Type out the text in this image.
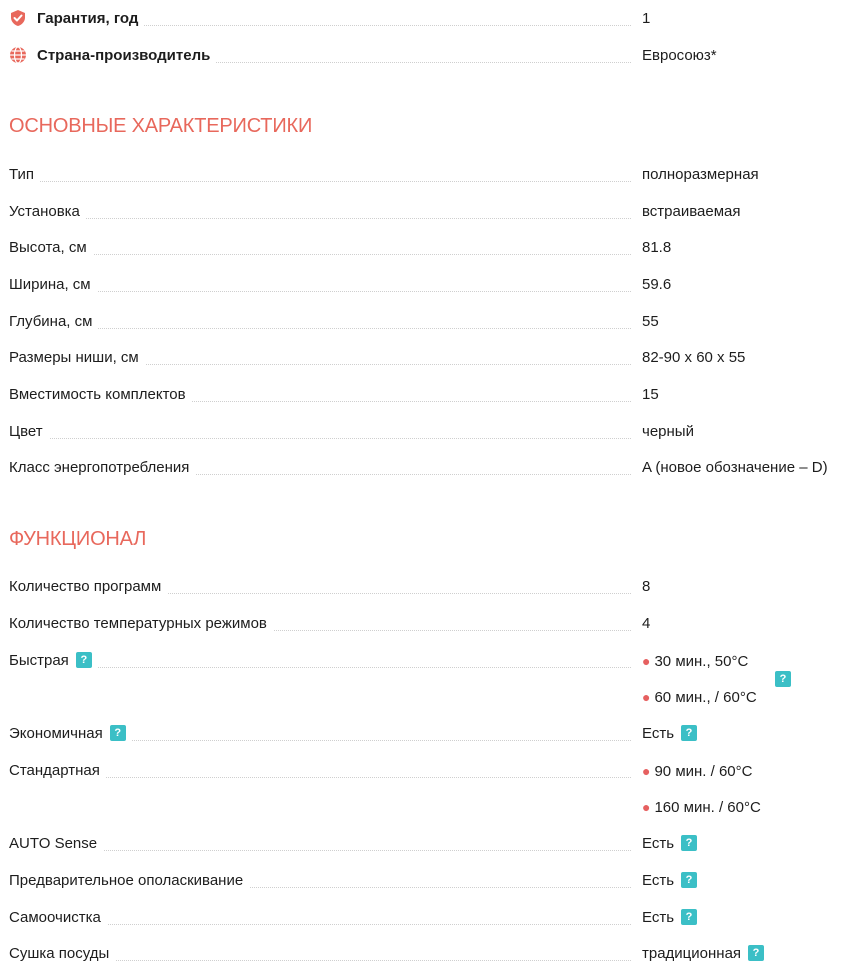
Гарантия, год	1
Страна-производитель	Евросоюз*
ОСНОВНЫЕ ХАРАКТЕРИСТИКИ
Тип	полноразмерная
Установка	встраиваемая
Высота, см	81.8
Ширина, см	59.6
Глубина, см	55
Размеры ниши, см	82-90 x 60 x 55
Вместимость комплектов	15
Цвет	черный
Класс энергопотребления	A (новое обозначение – D)
ФУНКЦИОНАЛ
Количество программ	8
Количество температурных режимов	4
Быстрая ?	● 30 мин., 50°C
● 60 мин., / 60°C
?
Экономичная ?	Есть ?
Стандартная	● 90 мин. / 60°C
● 160 мин. / 60°C
AUTO Sense	Есть ?
Предварительное ополаскивание	Есть ?
Самоочистка	Есть ?
Сушка посуды	традиционная ?
